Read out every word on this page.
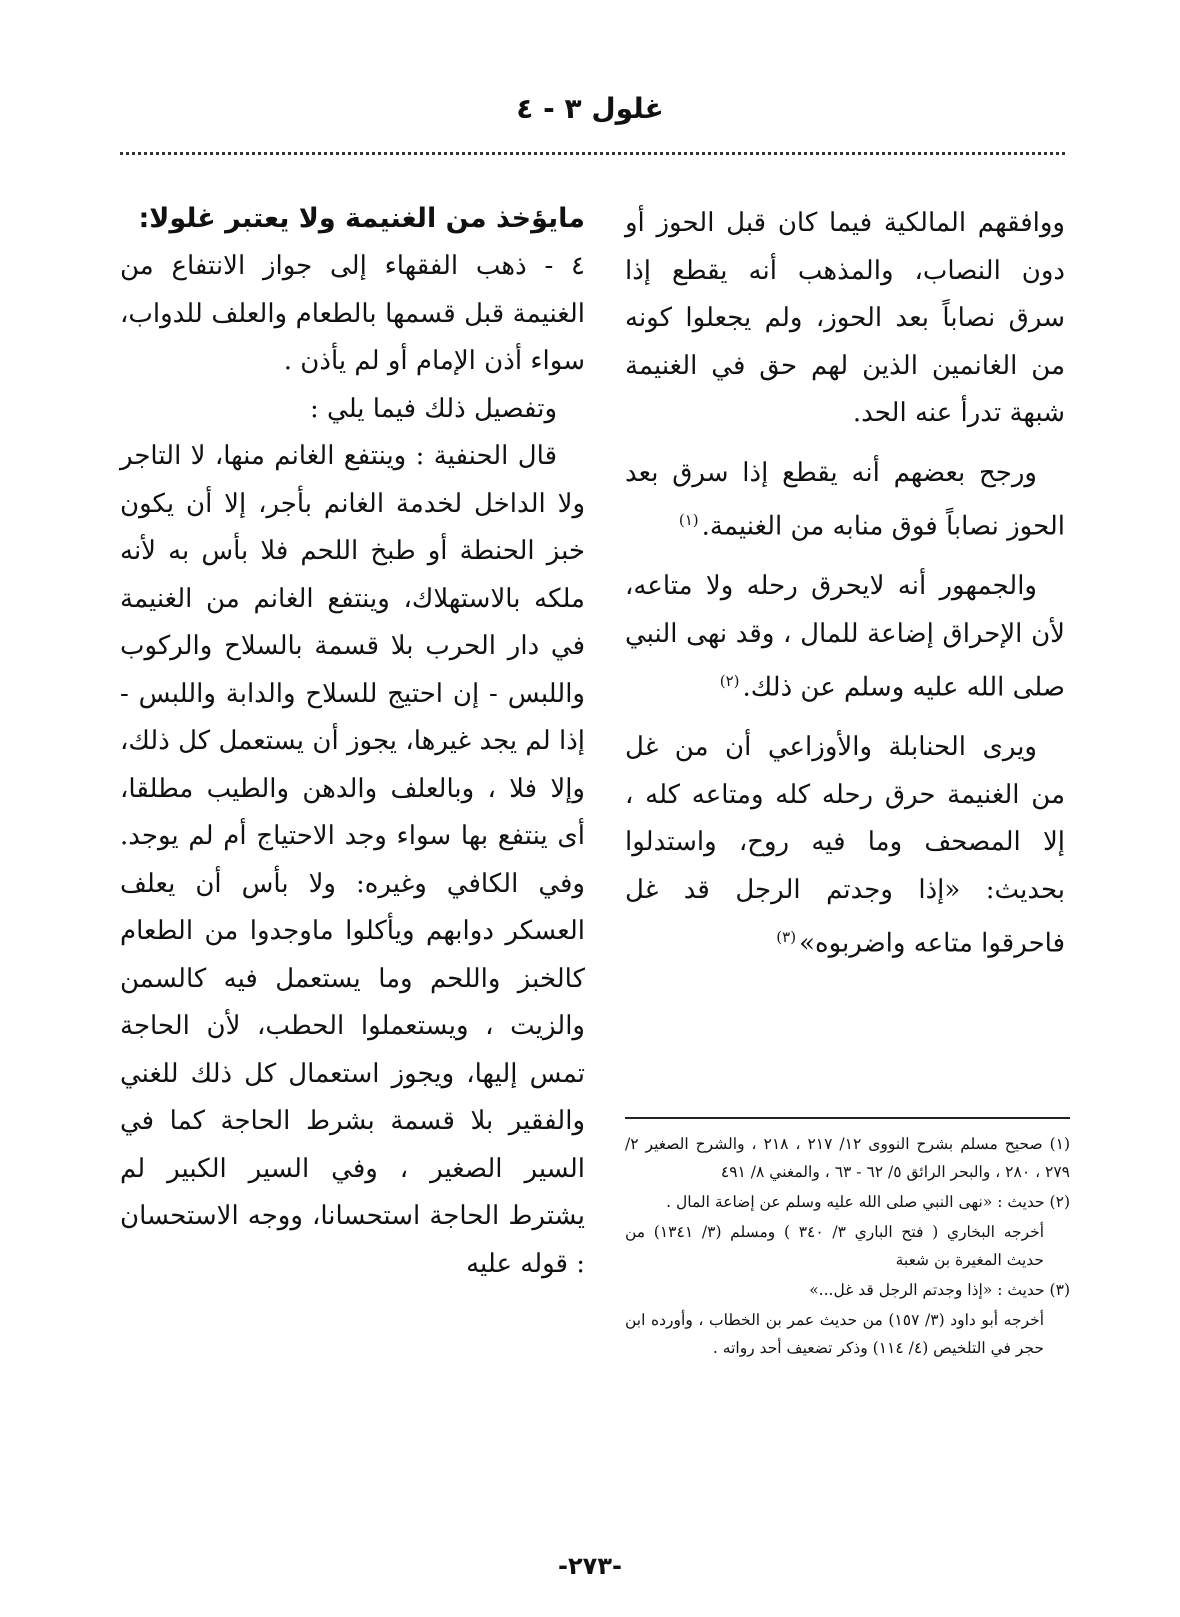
غلول ٣ - ٤

ووافقهم المالكية فيما كان قبل الحوز أو دون النصاب، والمذهب أنه يقطع إذا سرق نصاباً بعد الحوز، ولم يجعلوا كونه من الغانمين الذين لهم حق في الغنيمة شبهة تدرأ عنه الحد.

ورجح بعضهم أنه يقطع إذا سرق بعد الحوز نصاباً فوق منابه من الغنيمة.$^{(١)}$

والجمهور أنه لايحرق رحله ولا متاعه، لأن الإحراق إضاعة للمال ، وقد نهى النبي صلى الله عليه وسلم عن ذلك.$^{(٢)}$

ويرى الحنابلة والأوزاعي أن من غل من الغنيمة حرق رحله كله ومتاعه كله ، إلا المصحف وما فيه روح، واستدلوا بحديث: «إذا وجدتم الرجل قد غل فاحرقوا متاعه واضربوه»$^{(٣)}$

مايؤخذ من الغنيمة ولا يعتبر غلولا:

٤ - ذهب الفقهاء إلى جواز الانتفاع من الغنيمة قبل قسمها بالطعام والعلف للدواب، سواء أذن الإمام أو لم يأذن .

وتفصيل ذلك فيما يلي :

قال الحنفية : وينتفع الغانم منها، لا التاجر ولا الداخل لخدمة الغانم بأجر، إلا أن يكون خبز الحنطة أو طبخ اللحم فلا بأس به لأنه ملكه بالاستهلاك، وينتفع الغانم من الغنيمة في دار الحرب بلا قسمة بالسلاح والركوب واللبس - إن احتيج للسلاح والدابة واللبس - إذا لم يجد غيرها، يجوز أن يستعمل كل ذلك، وإلا فلا ، وبالعلف والدهن والطيب مطلقا، أى ينتفع بها سواء وجد الاحتياج أم لم يوجد. وفي الكافي وغيره: ولا بأس أن يعلف العسكر دوابهم ويأكلوا ماوجدوا من الطعام كالخبز واللحم وما يستعمل فيه كالسمن والزيت ، ويستعملوا الحطب، لأن الحاجة تمس إليها، ويجوز استعمال كل ذلك للغني والفقير بلا قسمة بشرط الحاجة كما في السير الصغير ، وفي السير الكبير لم يشترط الحاجة استحسانا، ووجه الاستحسان : قوله عليه

(١) صحيح مسلم بشرح النووى ١٢/ ٢١٧ ، ٢١٨ ، والشرح الصغير ٢/ ٢٧٩ ، ٢٨٠ ، والبحر الرائق ٥/ ٦٢ - ٦٣ ، والمغني ٨/ ٤٩١

(٢) حديث : «نهى النبي صلى الله عليه وسلم عن إضاعة المال .

أخرجه البخاري ( فتح الباري ٣/ ٣٤٠ ) ومسلم (٣/ ١٣٤١) من حديث المغيرة بن شعبة

(٣) حديث : «إذا وجدتم الرجل قد غل...»

أخرجه أبو داود (٣/ ١٥٧) من حديث عمر بن الخطاب ، وأورده ابن حجر في التلخيص (٤/ ١١٤) وذكر تضعيف أحد رواته .

-٢٧٣-
